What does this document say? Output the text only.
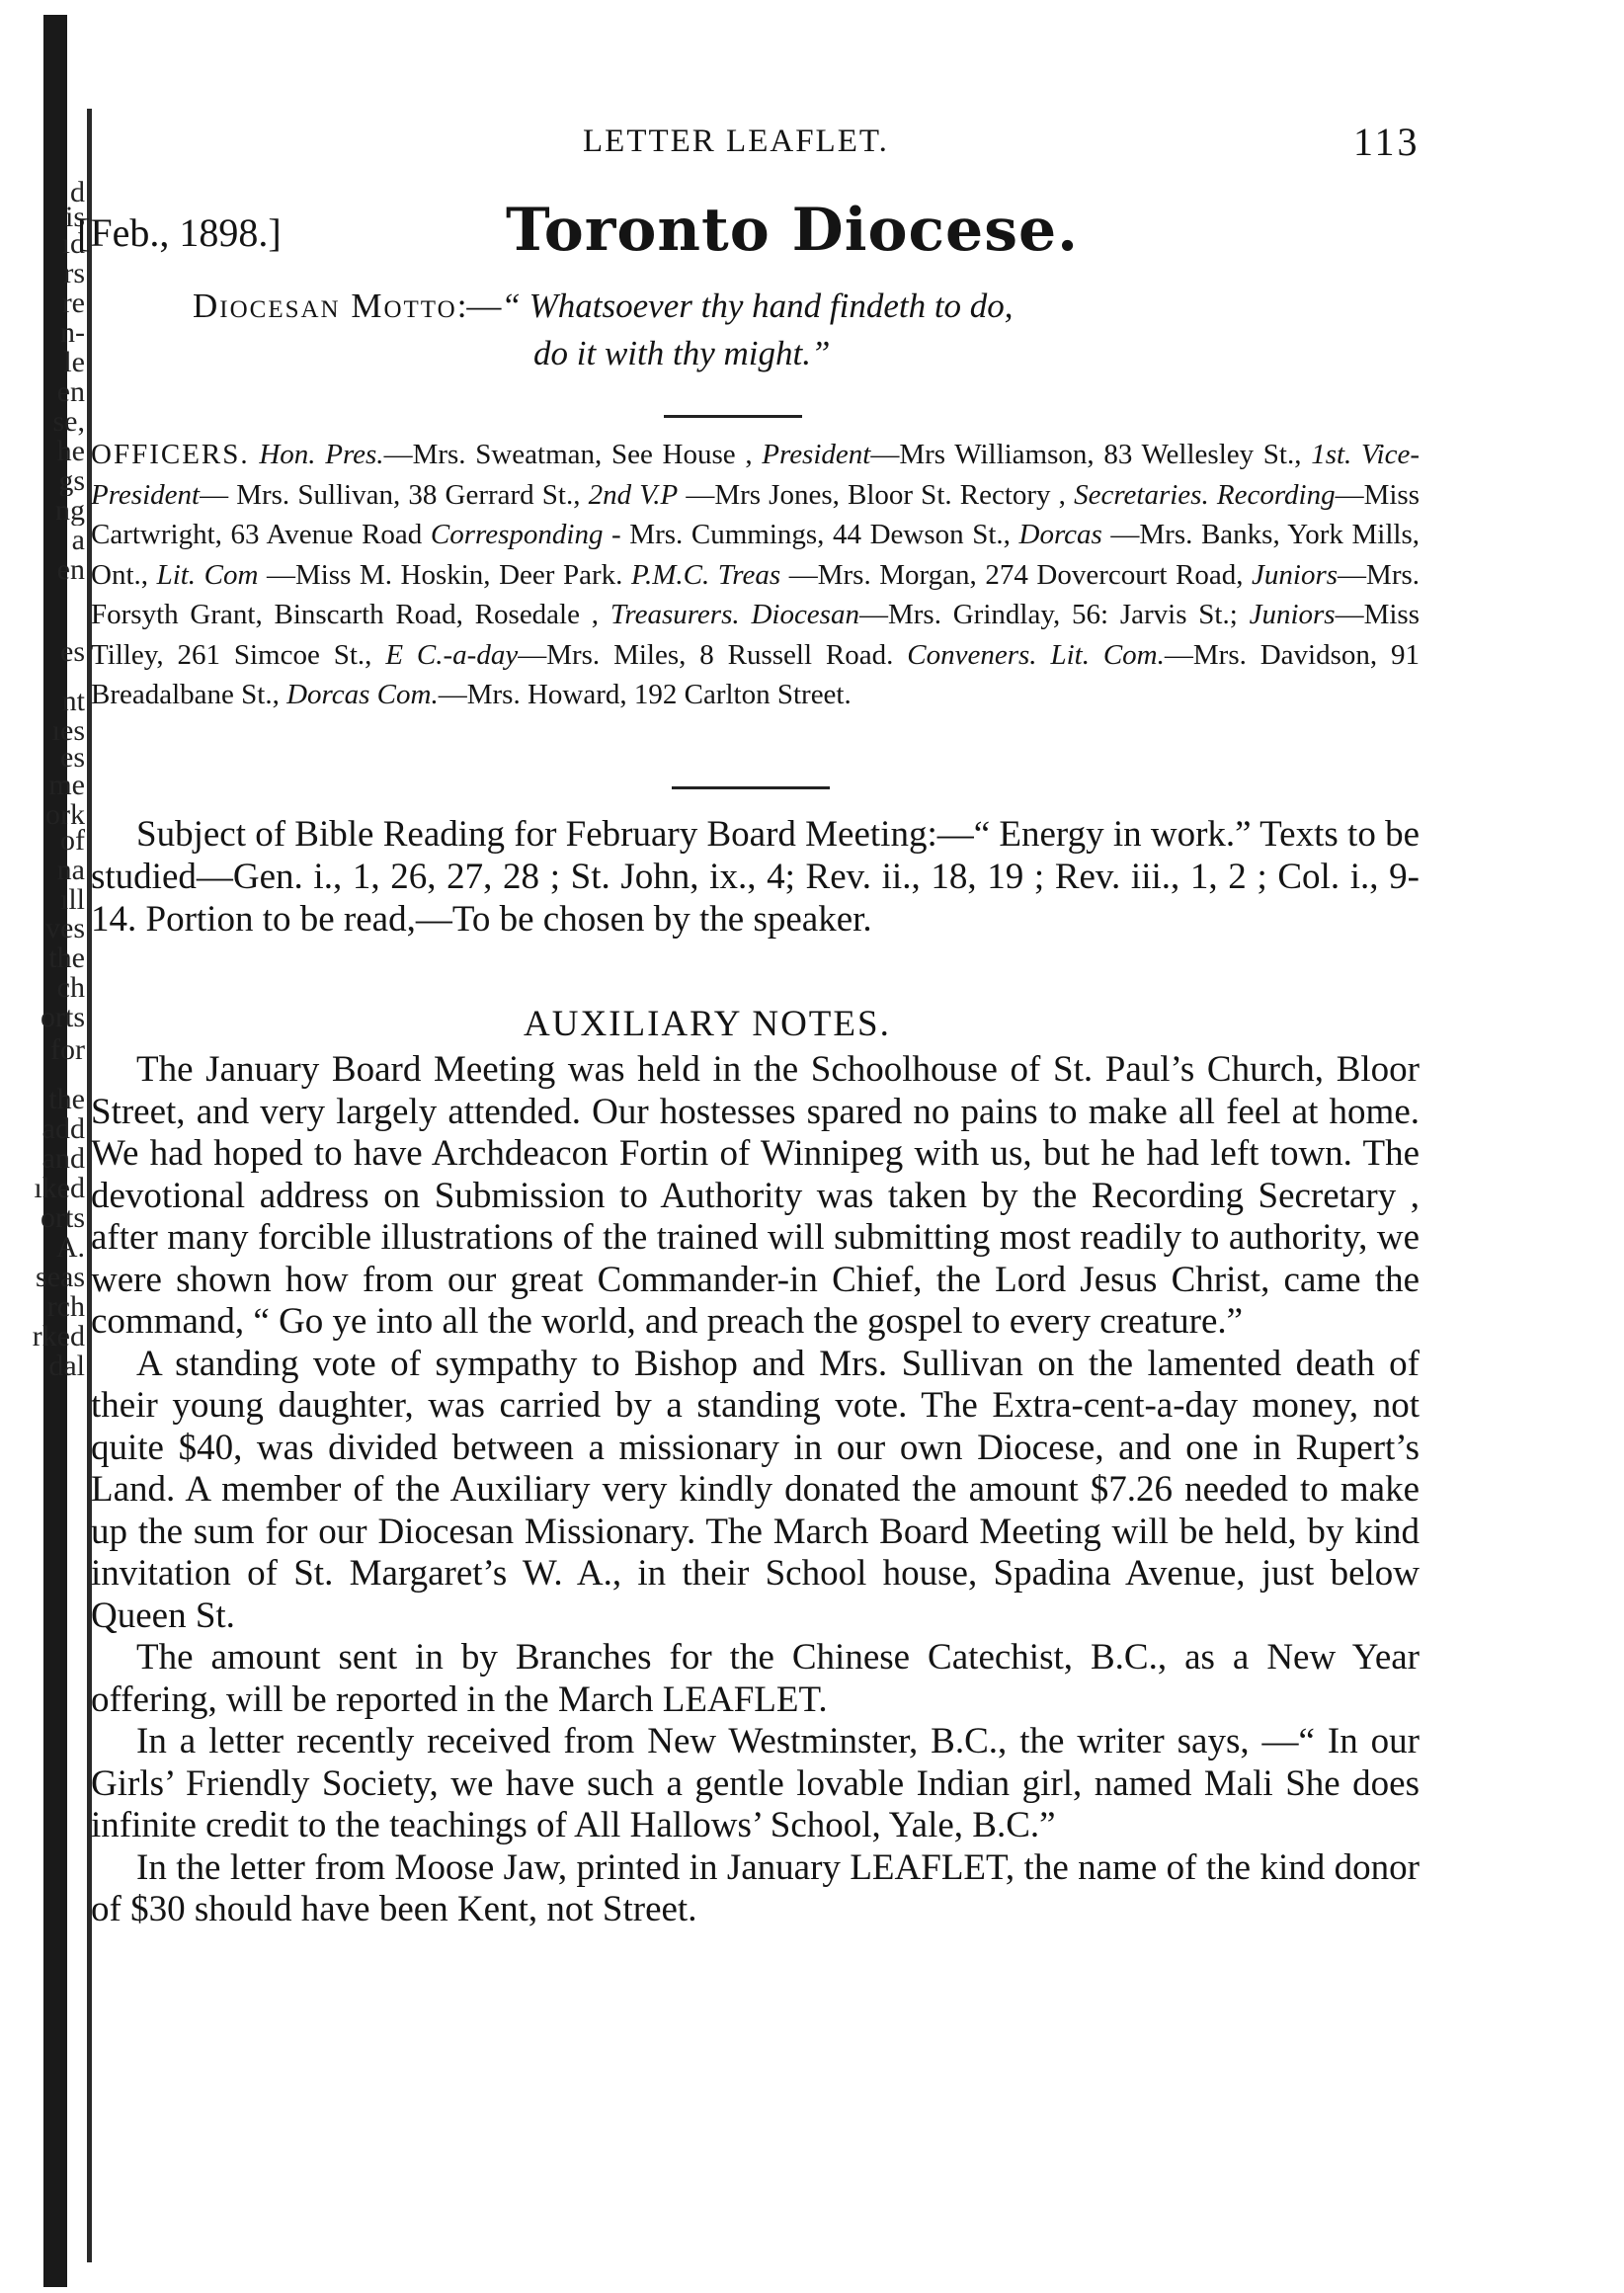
d
is
ıd
rs
re
n-
le
en
se,
he
gs
ng
a
en
es
nt
ıes
es
me
ork
of
na
ıll
ves
the
ch
orts
for
the
add
and
ıked
orts
A.
seas
rch
rked
dal
LETTER LEAFLET.	113
[Feb., 1898.]	Toronto Diocese.
Diocesan Motto:—“ Whatsoever thy hand findeth to do,
do it with thy might.”
OFFICERS. Hon. Pres.—Mrs. Sweatman, See House , President—Mrs Williamson, 83 Wellesley St., 1st. Vice-President— Mrs. Sullivan, 38 Gerrard St., 2nd V.P —Mrs Jones, Bloor St. Rectory , Secretaries. Recording—Miss Cartwright, 63 Avenue Road Corresponding - Mrs. Cummings, 44 Dewson St., Dorcas —Mrs. Banks, York Mills, Ont., Lit. Com —Miss M. Hoskin, Deer Park. P.M.C. Treas —Mrs. Morgan, 274 Dovercourt Road, Juniors—Mrs. Forsyth Grant, Binscarth Road, Rosedale , Treasurers. Diocesan—Mrs. Grindlay, 56: Jarvis St.; Juniors—Miss Tilley, 261 Simcoe St., E C.-a-day—Mrs. Miles, 8 Russell Road. Conveners. Lit. Com.—Mrs. Davidson, 91 Breadalbane St., Dorcas Com.—Mrs. Howard, 192 Carlton Street.

Subject of Bible Reading for February Board Meeting:—“ Energy in work.” Texts to be studied—Gen. i., 1, 26, 27, 28 ; St. John, ix., 4; Rev. ii., 18, 19 ; Rev. iii., 1, 2 ; Col. i., 9-14. Portion to be read,—To be chosen by the speaker.

AUXILIARY NOTES.

The January Board Meeting was held in the Schoolhouse of St. Paul’s Church, Bloor Street, and very largely attended. Our hostesses spared no pains to make all feel at home. We had hoped to have Archdeacon Fortin of Winnipeg with us, but he had left town. The devotional address on Submission to Authority was taken by the Recording Secretary , after many forcible illustrations of the trained will submitting most readily to authority, we were shown how from our great Commander-in Chief, the Lord Jesus Christ, came the command, “ Go ye into all the world, and preach the gospel to every creature.”

A standing vote of sympathy to Bishop and Mrs. Sullivan on the lamented death of their young daughter, was carried by a standing vote. The Extra-cent-a-day money, not quite $40, was divided between a missionary in our own Diocese, and one in Rupert’s Land. A member of the Auxiliary very kindly donated the amount $7.26 needed to make up the sum for our Diocesan Missionary. The March Board Meeting will be held, by kind invitation of St. Margaret’s W. A., in their School house, Spadina Avenue, just below Queen St.

The amount sent in by Branches for the Chinese Catechist, B.C., as a New Year offering, will be reported in the March LEAFLET.

In a letter recently received from New Westminster, B.C., the writer says, —“ In our Girls’ Friendly Society, we have such a gentle lovable Indian girl, named Mali She does infinite credit to the teachings of All Hallows’ School, Yale, B.C.”

In the letter from Moose Jaw, printed in January LEAFLET, the name of the kind donor of $30 should have been Kent, not Street.
